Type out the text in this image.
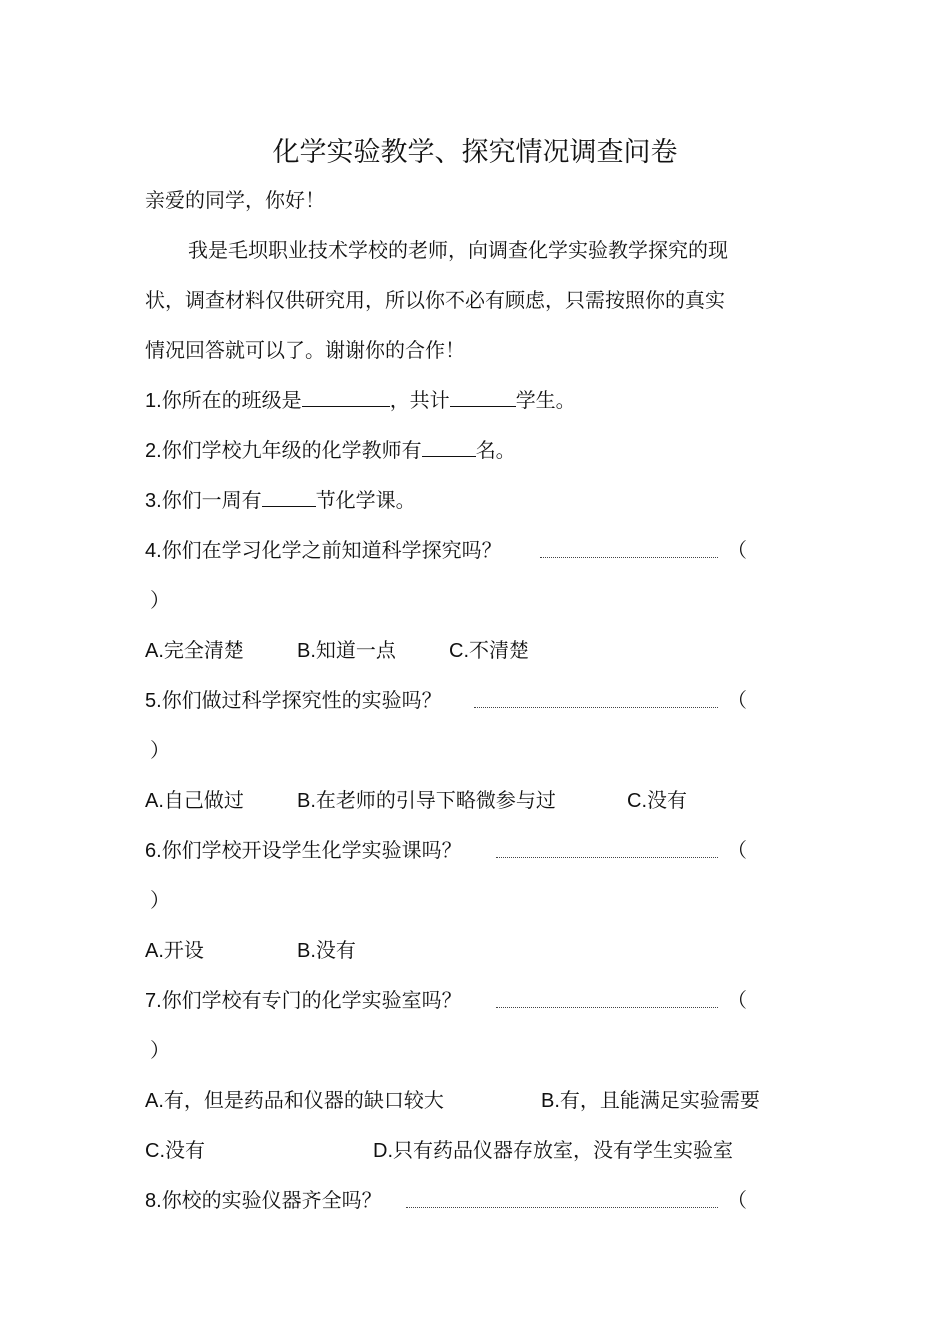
化学实验教学、探究情况调查问卷
亲爱的同学，你好！
我是毛坝职业技术学校的老师，向调查化学实验教学探究的现
状，调查材料仅供研究用，所以你不必有顾虑，只需按照你的真实
情况回答就可以了。谢谢你的合作！
1.你所在的班级是	，共计	学生。
2.你们学校九年级的化学教师有	名。
3.你们一周有	节化学课。
4.你们在学习化学之前知道科学探究吗？	（
）
A.完全清楚	B.知道一点	C.不清楚
5.你们做过科学探究性的实验吗？	（
）
A.自己做过	B.在老师的引导下略微参与过	C.没有
6.你们学校开设学生化学实验课吗？	（
）
A.开设	B.没有
7.你们学校有专门的化学实验室吗？	（
）
A.有，但是药品和仪器的缺口较大	B.有，且能满足实验需要
C.没有	D.只有药品仪器存放室，没有学生实验室
8.你校的实验仪器齐全吗？	（
